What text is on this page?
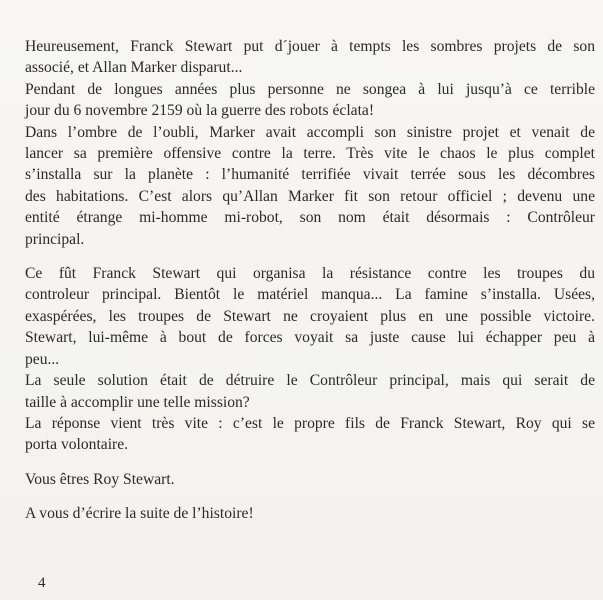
Heureusement, Franck Stewart put d´jouer à tempts les sombres projets de son
associé, et Allan Marker disparut...
Pendant de longues années plus personne ne songea à lui jusqu’à ce terrible
jour du 6 novembre 2159 où la guerre des robots éclata!
Dans l’ombre de l’oubli, Marker avait accompli son sinistre projet et venait de
lancer sa première offensive contre la terre. Très vite le chaos le plus complet
s’installa sur la planète : l’humanité terrifiée vivait terrée sous les décombres
des habitations. C’est alors qu’Allan Marker fit son retour officiel ; devenu une
entité étrange mi-homme mi-robot, son nom était désormais : Contrôleur
principal.
Ce fût Franck Stewart qui organisa la résistance contre les troupes du
controleur principal. Bientôt le matériel manqua... La famine s’installa. Usées,
exaspérées, les troupes de Stewart ne croyaient plus en une possible victoire.
Stewart, lui-même à bout de forces voyait sa juste cause lui échapper peu à
peu...
La seule solution était de détruire le Contrôleur principal, mais qui serait de
taille à accomplir une telle mission?
La réponse vient très vite : c’est le propre fils de Franck Stewart, Roy qui se
porta volontaire.
Vous êtres Roy Stewart.
A vous d’écrire la suite de l’histoire!
4
